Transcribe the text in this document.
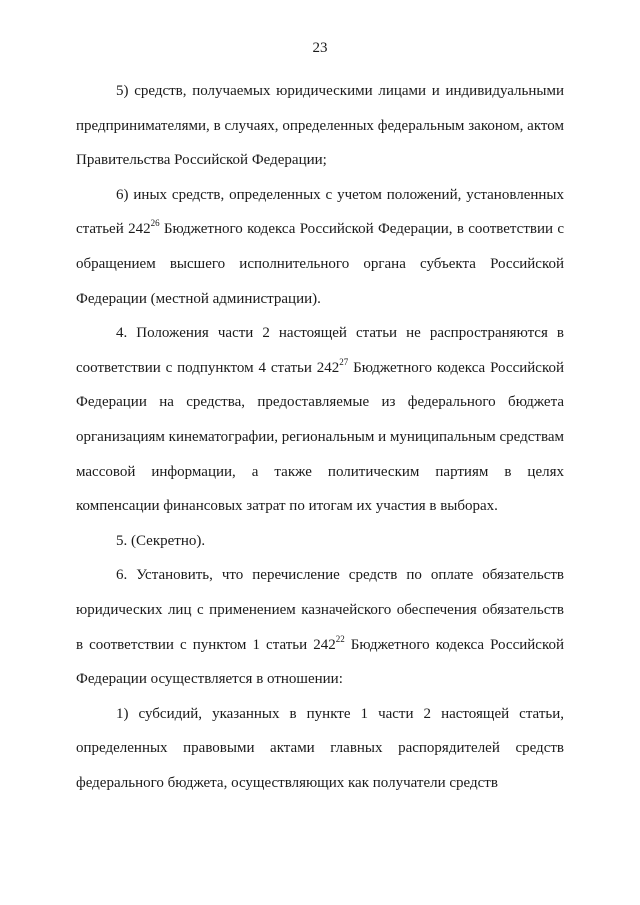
23

5) средств, получаемых юридическими лицами и индивидуальными предпринимателями, в случаях, определенных федеральным законом, актом Правительства Российской Федерации;

6) иных средств, определенных с учетом положений, установленных статьей $242^{26}$ Бюджетного кодекса Российской Федерации, в соответствии с обращением высшего исполнительного органа субъекта Российской Федерации (местной администрации).

4. Положения части 2 настоящей статьи не распространяются в соответствии с подпунктом 4 статьи $242^{27}$ Бюджетного кодекса Российской Федерации на средства, предоставляемые из федерального бюджета организациям кинематографии, региональным и муниципальным средствам массовой информации, а также политическим партиям в целях компенсации финансовых затрат по итогам их участия в выборах.

5. (Секретно).

6. Установить, что перечисление средств по оплате обязательств юридических лиц с применением казначейского обеспечения обязательств в соответствии с пунктом 1 статьи $242^{22}$ Бюджетного кодекса Российской Федерации осуществляется в отношении:

1) субсидий, указанных в пункте 1 части 2 настоящей статьи, определенных правовыми актами главных распорядителей средств федерального бюджета, осуществляющих как получатели средств
